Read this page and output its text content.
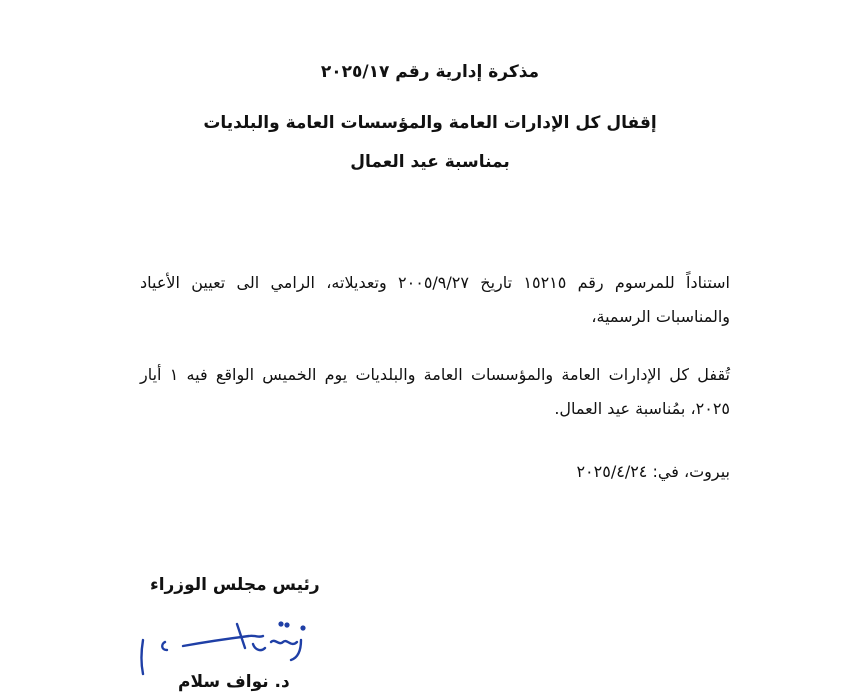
مذكرة إدارية رقم ٢٠٢٥/١٧
إقفال كل الإدارات العامة والمؤسسات العامة والبلديات
بمناسبة عيد العمال
استناداً للمرسوم رقم ١٥٢١٥ تاريخ ٢٠٠٥/٩/٢٧ وتعديلاته، الرامي الى تعيين الأعياد والمناسبات الرسمية،
تُقفل كل الإدارات العامة والمؤسسات العامة والبلديات يوم الخميس الواقع فيه ١ أيار ٢٠٢٥، بمُناسبة عيد العمال.
بيروت، في: ٢٠٢٥/٤/٢٤
رئيس مجلس الوزراء
د. نواف سلام
